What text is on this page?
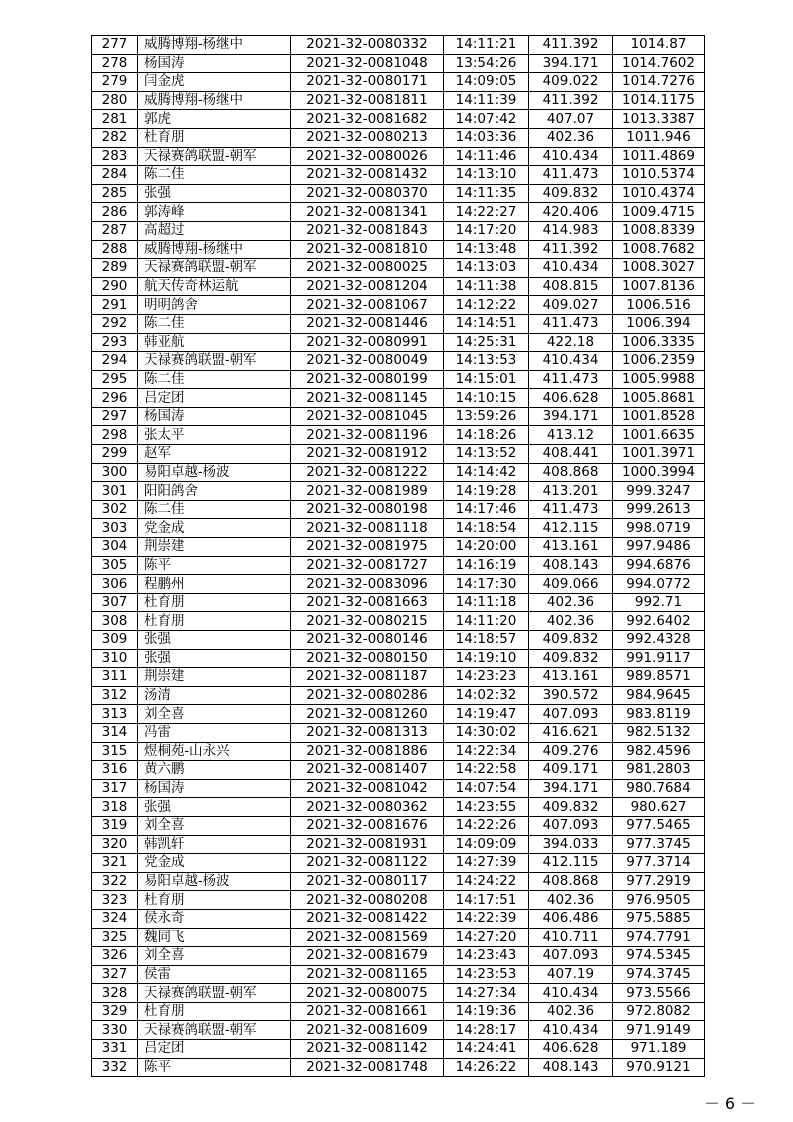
277	威腾博翔-杨继中	2021-32-0080332	14:11:21	411.392	1014.87
278	杨国涛	2021-32-0081048	13:54:26	394.171	1014.7602
279	闫金虎	2021-32-0080171	14:09:05	409.022	1014.7276
280	威腾博翔-杨继中	2021-32-0081811	14:11:39	411.392	1014.1175
281	郭虎	2021-32-0081682	14:07:42	407.07	1013.3387
282	杜育朋	2021-32-0080213	14:03:36	402.36	1011.946
283	天禄赛鸽联盟-朝军	2021-32-0080026	14:11:46	410.434	1011.4869
284	陈二佳	2021-32-0081432	14:13:10	411.473	1010.5374
285	张强	2021-32-0080370	14:11:35	409.832	1010.4374
286	郭涛峰	2021-32-0081341	14:22:27	420.406	1009.4715
287	高超过	2021-32-0081843	14:17:20	414.983	1008.8339
288	威腾博翔-杨继中	2021-32-0081810	14:13:48	411.392	1008.7682
289	天禄赛鸽联盟-朝军	2021-32-0080025	14:13:03	410.434	1008.3027
290	航天传奇林运航	2021-32-0081204	14:11:38	408.815	1007.8136
291	明明鸽舍	2021-32-0081067	14:12:22	409.027	1006.516
292	陈二佳	2021-32-0081446	14:14:51	411.473	1006.394
293	韩亚航	2021-32-0080991	14:25:31	422.18	1006.3335
294	天禄赛鸽联盟-朝军	2021-32-0080049	14:13:53	410.434	1006.2359
295	陈二佳	2021-32-0080199	14:15:01	411.473	1005.9988
296	吕定团	2021-32-0081145	14:10:15	406.628	1005.8681
297	杨国涛	2021-32-0081045	13:59:26	394.171	1001.8528
298	张太平	2021-32-0081196	14:18:26	413.12	1001.6635
299	赵军	2021-32-0081912	14:13:52	408.441	1001.3971
300	易阳卓越-杨波	2021-32-0081222	14:14:42	408.868	1000.3994
301	阳阳鸽舍	2021-32-0081989	14:19:28	413.201	999.3247
302	陈二佳	2021-32-0080198	14:17:46	411.473	999.2613
303	党金成	2021-32-0081118	14:18:54	412.115	998.0719
304	荆崇建	2021-32-0081975	14:20:00	413.161	997.9486
305	陈平	2021-32-0081727	14:16:19	408.143	994.6876
306	程鹏州	2021-32-0083096	14:17:30	409.066	994.0772
307	杜育朋	2021-32-0081663	14:11:18	402.36	992.71
308	杜育朋	2021-32-0080215	14:11:20	402.36	992.6402
309	张强	2021-32-0080146	14:18:57	409.832	992.4328
310	张强	2021-32-0080150	14:19:10	409.832	991.9117
311	荆崇建	2021-32-0081187	14:23:23	413.161	989.8571
312	汤清	2021-32-0080286	14:02:32	390.572	984.9645
313	刘全喜	2021-32-0081260	14:19:47	407.093	983.8119
314	冯雷	2021-32-0081313	14:30:02	416.621	982.5132
315	煜桐苑-山永兴	2021-32-0081886	14:22:34	409.276	982.4596
316	黄六鹏	2021-32-0081407	14:22:58	409.171	981.2803
317	杨国涛	2021-32-0081042	14:07:54	394.171	980.7684
318	张强	2021-32-0080362	14:23:55	409.832	980.627
319	刘全喜	2021-32-0081676	14:22:26	407.093	977.5465
320	韩凯轩	2021-32-0081931	14:09:09	394.033	977.3745
321	党金成	2021-32-0081122	14:27:39	412.115	977.3714
322	易阳卓越-杨波	2021-32-0080117	14:24:22	408.868	977.2919
323	杜育朋	2021-32-0080208	14:17:51	402.36	976.9505
324	侯永奇	2021-32-0081422	14:22:39	406.486	975.5885
325	魏同飞	2021-32-0081569	14:27:20	410.711	974.7791
326	刘全喜	2021-32-0081679	14:23:43	407.093	974.5345
327	侯雷	2021-32-0081165	14:23:53	407.19	974.3745
328	天禄赛鸽联盟-朝军	2021-32-0080075	14:27:34	410.434	973.5566
329	杜育朋	2021-32-0081661	14:19:36	402.36	972.8082
330	天禄赛鸽联盟-朝军	2021-32-0081609	14:28:17	410.434	971.9149
331	吕定团	2021-32-0081142	14:24:41	406.628	971.189
332	陈平	2021-32-0081748	14:26:22	408.143	970.9121
－ 6 －
